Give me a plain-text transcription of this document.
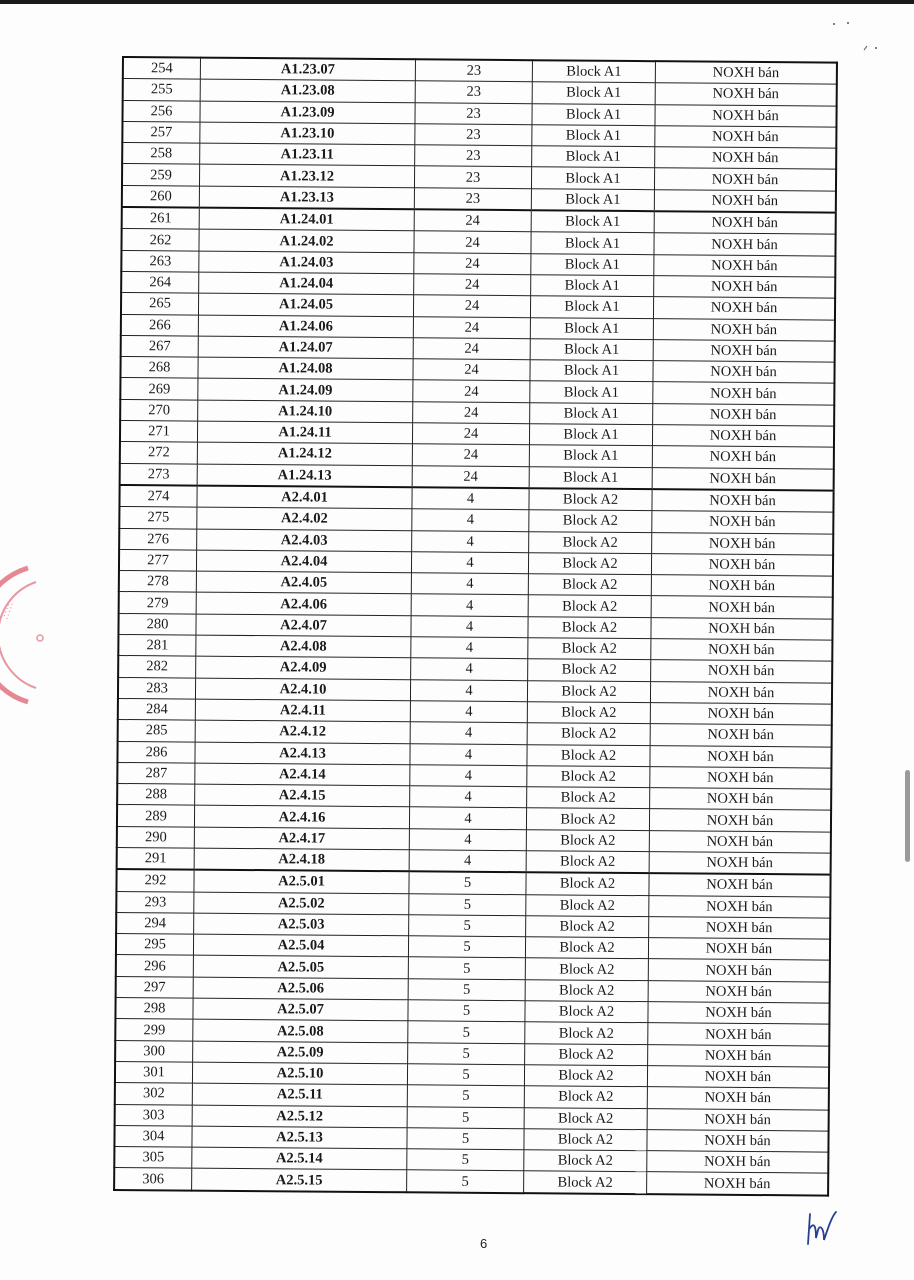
∴∵∴
254	A1.23.07	23	Block A1	NOXH bán
255	A1.23.08	23	Block A1	NOXH bán
256	A1.23.09	23	Block A1	NOXH bán
257	A1.23.10	23	Block A1	NOXH bán
258	A1.23.11	23	Block A1	NOXH bán
259	A1.23.12	23	Block A1	NOXH bán
260	A1.23.13	23	Block A1	NOXH bán
261	A1.24.01	24	Block A1	NOXH bán
262	A1.24.02	24	Block A1	NOXH bán
263	A1.24.03	24	Block A1	NOXH bán
264	A1.24.04	24	Block A1	NOXH bán
265	A1.24.05	24	Block A1	NOXH bán
266	A1.24.06	24	Block A1	NOXH bán
267	A1.24.07	24	Block A1	NOXH bán
268	A1.24.08	24	Block A1	NOXH bán
269	A1.24.09	24	Block A1	NOXH bán
270	A1.24.10	24	Block A1	NOXH bán
271	A1.24.11	24	Block A1	NOXH bán
272	A1.24.12	24	Block A1	NOXH bán
273	A1.24.13	24	Block A1	NOXH bán
274	A2.4.01	4	Block A2	NOXH bán
275	A2.4.02	4	Block A2	NOXH bán
276	A2.4.03	4	Block A2	NOXH bán
277	A2.4.04	4	Block A2	NOXH bán
278	A2.4.05	4	Block A2	NOXH bán
279	A2.4.06	4	Block A2	NOXH bán
280	A2.4.07	4	Block A2	NOXH bán
281	A2.4.08	4	Block A2	NOXH bán
282	A2.4.09	4	Block A2	NOXH bán
283	A2.4.10	4	Block A2	NOXH bán
284	A2.4.11	4	Block A2	NOXH bán
285	A2.4.12	4	Block A2	NOXH bán
286	A2.4.13	4	Block A2	NOXH bán
287	A2.4.14	4	Block A2	NOXH bán
288	A2.4.15	4	Block A2	NOXH bán
289	A2.4.16	4	Block A2	NOXH bán
290	A2.4.17	4	Block A2	NOXH bán
291	A2.4.18	4	Block A2	NOXH bán
292	A2.5.01	5	Block A2	NOXH bán
293	A2.5.02	5	Block A2	NOXH bán
294	A2.5.03	5	Block A2	NOXH bán
295	A2.5.04	5	Block A2	NOXH bán
296	A2.5.05	5	Block A2	NOXH bán
297	A2.5.06	5	Block A2	NOXH bán
298	A2.5.07	5	Block A2	NOXH bán
299	A2.5.08	5	Block A2	NOXH bán
300	A2.5.09	5	Block A2	NOXH bán
301	A2.5.10	5	Block A2	NOXH bán
302	A2.5.11	5	Block A2	NOXH bán
303	A2.5.12	5	Block A2	NOXH bán
304	A2.5.13	5	Block A2	NOXH bán
305	A2.5.14	5	Block A2	NOXH bán
306	A2.5.15	5	Block A2	NOXH bán
6
